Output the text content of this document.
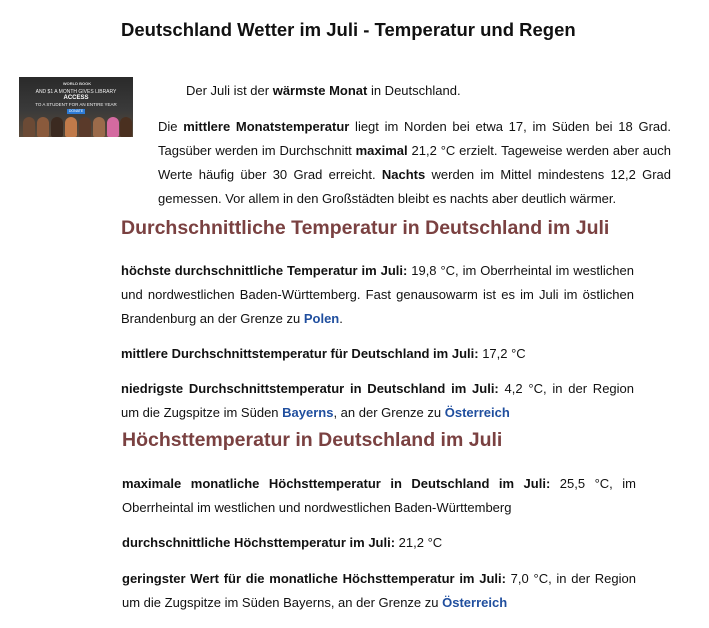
Deutschland Wetter im Juli - Temperatur und Regen
WORLD BOOK
AND $1 A MONTH GIVES LIBRARY
ACCESS
TO A STUDENT FOR AN ENTIRE YEAR
DONATE

Der Juli ist der wärmste Monat in Deutschland.

Die mittlere Monatstemperatur liegt im Norden bei etwa 17, im Süden bei 18 Grad. Tagsüber werden im Durchschnitt maximal 21,2 °C erzielt. Tageweise werden aber auch Werte häufig über 30 Grad erreicht. Nachts werden im Mittel mindestens 12,2 Grad gemessen. Vor allem in den Großstädten bleibt es nachts aber deutlich wärmer.

Durchschnittliche Temperatur in Deutschland im Juli

höchste durchschnittliche Temperatur im Juli: 19,8 °C, im Oberrheintal im westlichen und nordwestlichen Baden-Württemberg. Fast genausowarm ist es im Juli im östlichen Brandenburg an der Grenze zu Polen.

mittlere Durchschnittstemperatur für Deutschland im Juli: 17,2 °C

niedrigste Durchschnittstemperatur in Deutschland im Juli: 4,2 °C, in der Region um die Zugspitze im Süden Bayerns, an der Grenze zu Österreich

Höchsttemperatur in Deutschland im Juli

maximale monatliche Höchsttemperatur in Deutschland im Juli: 25,5 °C, im Oberrheintal im westlichen und nordwestlichen Baden-Württemberg

durchschnittliche Höchsttemperatur im Juli: 21,2 °C

geringster Wert für die monatliche Höchsttemperatur im Juli: 7,0 °C, in der Region um die Zugspitze im Süden Bayerns, an der Grenze zu Österreich
